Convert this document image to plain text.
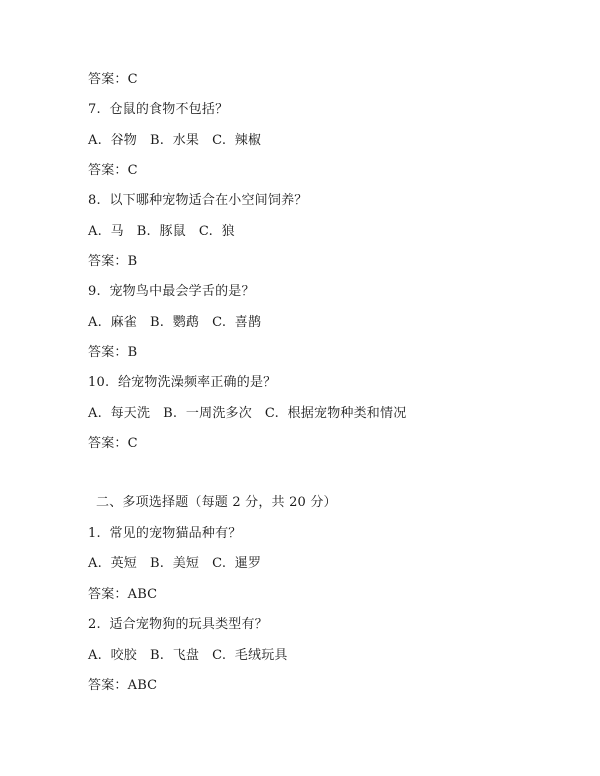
答案：C
7.  仓鼠的食物不包括？
A.  谷物   B.  水果   C.  辣椒
答案：C
8.  以下哪种宠物适合在小空间饲养？
A.  马   B.  豚鼠   C.  狼
答案：B
9.  宠物鸟中最会学舌的是？
A.  麻雀   B.  鹦鹉   C.  喜鹊
答案：B
10.  给宠物洗澡频率正确的是？
A.  每天洗   B.  一周洗多次   C.  根据宠物种类和情况
答案：C
二、多项选择题（每题 2 分，共 20 分）
1.  常见的宠物猫品种有？
A.  英短   B.  美短   C.  暹罗
答案：ABC
2.  适合宠物狗的玩具类型有？
A.  咬胶   B.  飞盘   C.  毛绒玩具
答案：ABC
